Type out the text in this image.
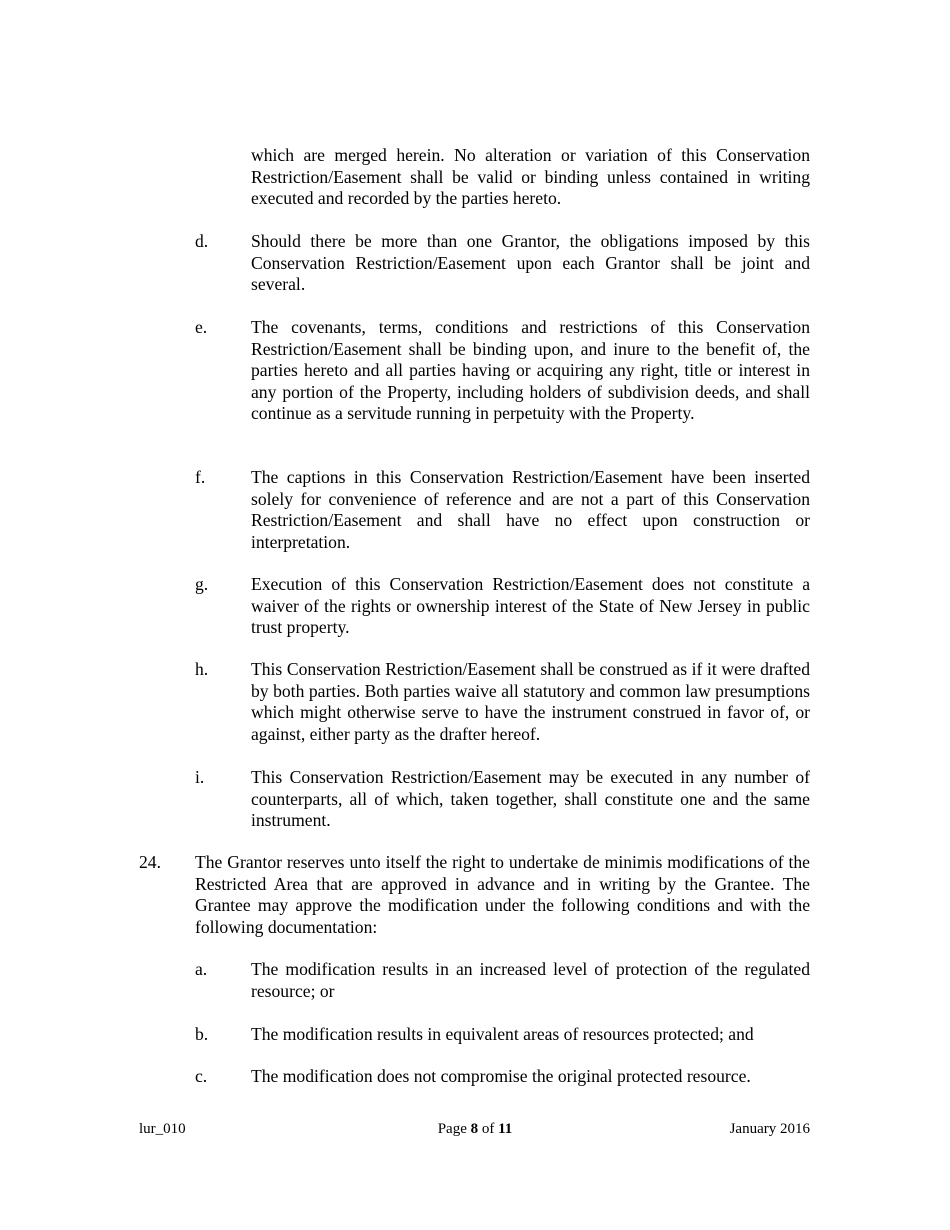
which are merged herein. No alteration or variation of this Conservation Restriction/Easement shall be valid or binding unless contained in writing executed and recorded by the parties hereto.
d. Should there be more than one Grantor, the obligations imposed by this Conservation Restriction/Easement upon each Grantor shall be joint and several.
e. The covenants, terms, conditions and restrictions of this Conservation Restriction/Easement shall be binding upon, and inure to the benefit of, the parties hereto and all parties having or acquiring any right, title or interest in any portion of the Property, including holders of subdivision deeds, and shall continue as a servitude running in perpetuity with the Property.
f.	The captions in this Conservation Restriction/Easement have been inserted solely for convenience of reference and are not a part of this Conservation Restriction/Easement and shall have no effect upon construction or interpretation.
g. Execution of this Conservation Restriction/Easement does not constitute a waiver of the rights or ownership interest of the State of New Jersey in public trust property.
h. This Conservation Restriction/Easement shall be construed as if it were drafted by both parties. Both parties waive all statutory and common law presumptions which might otherwise serve to have the instrument construed in favor of, or against, either party as the drafter hereof.
i.	This Conservation Restriction/Easement may be executed in any number of counterparts, all of which, taken together, shall constitute one and the same instrument.
24. The Grantor reserves unto itself the right to undertake de minimis modifications of the Restricted Area that are approved in advance and in writing by the Grantee. The Grantee may approve the modification under the following conditions and with the following documentation:
a. The modification results in an increased level of protection of the regulated resource; or
b. The modification results in equivalent areas of resources protected; and
c. The modification does not compromise the original protected resource.
lur_010	Page 8 of 11	January 2016
